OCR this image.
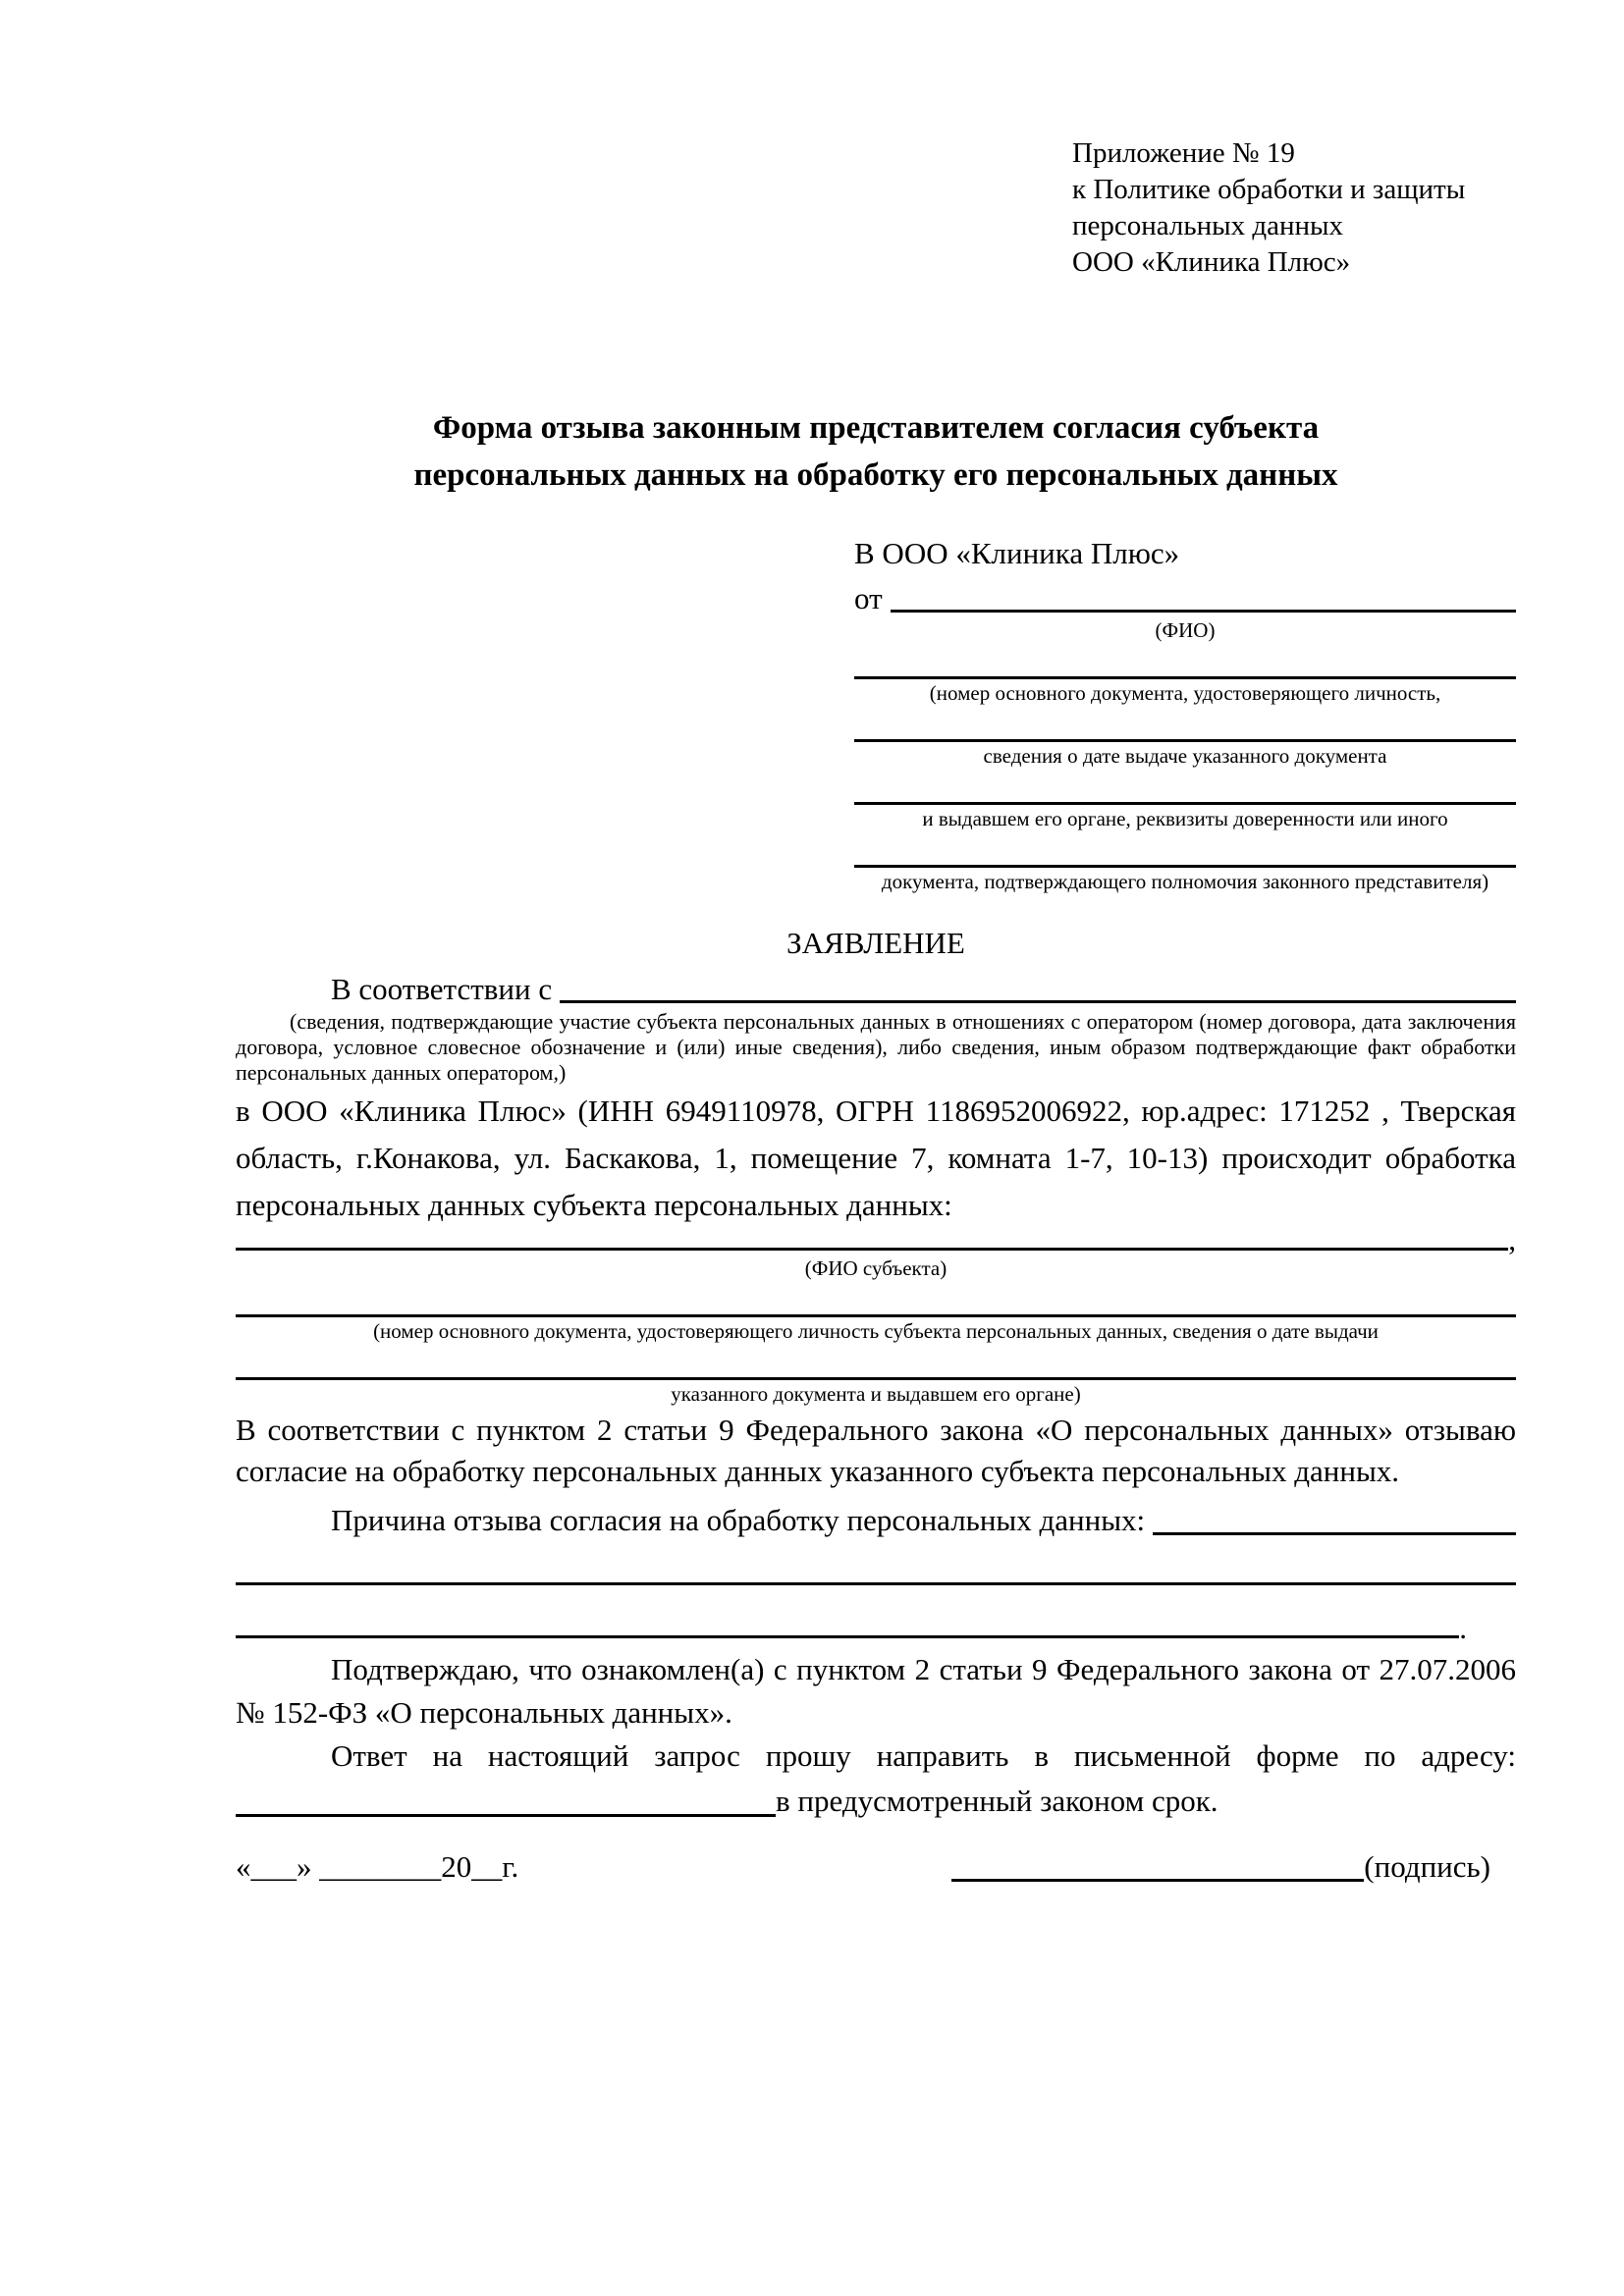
Приложение № 19
к Политике обработки и защиты
персональных данных
ООО «Клиника Плюс»
Форма отзыва законным представителем согласия субъекта
персональных данных на обработку его персональных данных
В ООО «Клиника Плюс»
от
(ФИО)
(номер основного документа, удостоверяющего личность,
сведения о дате выдаче указанного документа
и выдавшем его органе, реквизиты доверенности или иного
документа, подтверждающего полномочия законного представителя)
ЗАЯВЛЕНИЕ
В соответствии с
(сведения, подтверждающие участие субъекта персональных данных в отношениях с оператором (номер договора, дата заключения договора, условное словесное обозначение и (или) иные сведения), либо сведения, иным образом подтверждающие факт обработки персональных данных оператором,)
в ООО «Клиника Плюс» (ИНН 6949110978, ОГРН 1186952006922, юр.адрес: 171252 , Тверская область, г.Конакова, ул. Баскакова, 1, помещение 7, комната 1-7, 10-13) происходит обработка персональных данных субъекта персональных данных:
,
(ФИО субъекта)
(номер основного документа, удостоверяющего личность субъекта персональных данных, сведения о дате выдачи
указанного документа и выдавшем его органе)
В соответствии с пунктом 2 статьи 9 Федерального закона «О персональных данных» отзываю согласие на обработку персональных данных указанного субъекта персональных данных.
Причина отзыва согласия на обработку персональных данных:
.
Подтверждаю, что ознакомлен(а) с пунктом 2 статьи 9 Федерального закона от 27.07.2006 № 152-ФЗ «О персональных данных».
Ответ на настоящий запрос прошу направить в письменной форме по адресу:
в предусмотренный законом срок.
«___» ________20__г.	(подпись)
